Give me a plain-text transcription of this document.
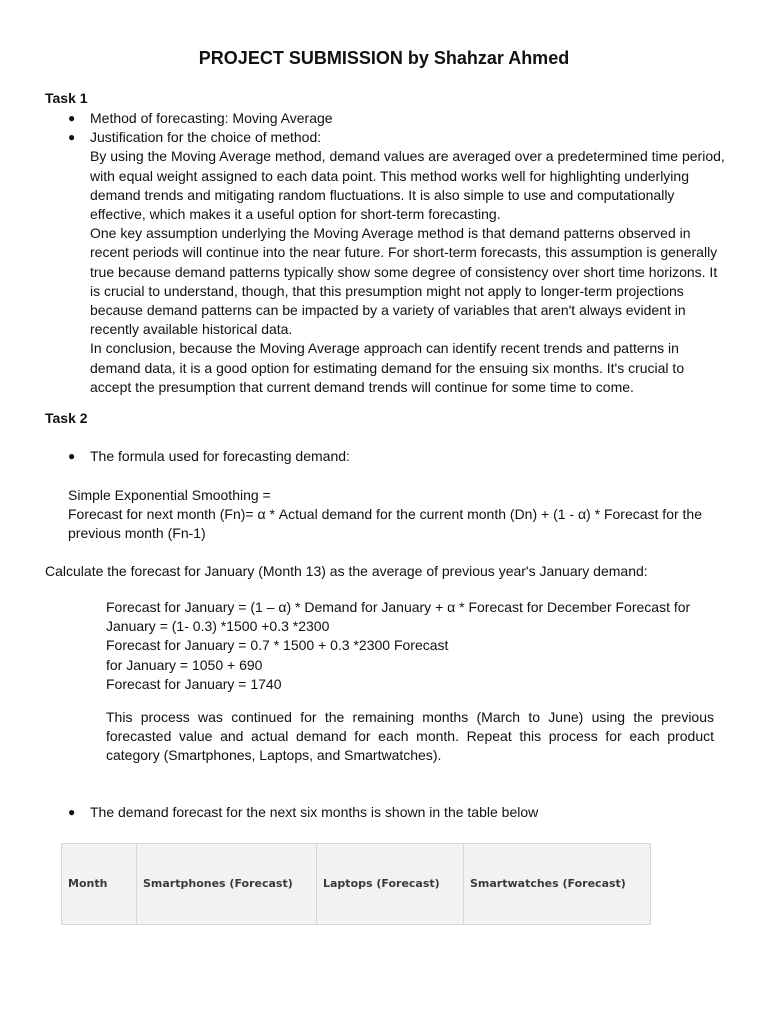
PROJECT SUBMISSION by Shahzar Ahmed
Task 1
● Method of forecasting: Moving Average
● Justification for the choice of method:

By using the Moving Average method, demand values are averaged over a predetermined time period, with equal weight assigned to each data point. This method works well for highlighting underlying demand trends and mitigating random fluctuations. It is also simple to use and computationally effective, which makes it a useful option for short-term forecasting.

One key assumption underlying the Moving Average method is that demand patterns observed in recent periods will continue into the near future. For short-term forecasts, this assumption is generally true because demand patterns typically show some degree of consistency over short time horizons. It is crucial to understand, though, that this presumption might not apply to longer-term projections because demand patterns can be impacted by a variety of variables that aren't always evident in recently available historical data.

In conclusion, because the Moving Average approach can identify recent trends and patterns in demand data, it is a good option for estimating demand for the ensuing six months. It's crucial to accept the presumption that current demand trends will continue for some time to come.

Task 2
● The formula used for forecasting demand:
Simple Exponential Smoothing =
Forecast for next month (Fn)= α * Actual demand for the current month (Dn) + (1 - α) * Forecast for the previous month (Fn-1)
Calculate the forecast for January (Month 13) as the average of previous year's January demand:
Forecast for January = (1 – α) * Demand for January + α * Forecast for December Forecast for
January = (1- 0.3) *1500 +0.3 *2300
Forecast for January = 0.7 * 1500 + 0.3 *2300 Forecast
for January = 1050 + 690
Forecast for January = 1740
This process was continued for the remaining months (March to June) using the previous forecasted value and actual demand for each month. Repeat this process for each product category (Smartphones, Laptops, and Smartwatches).
● The demand forecast for the next six months is shown in the table below
Month	Smartphones (Forecast)	Laptops (Forecast)	Smartwatches (Forecast)
